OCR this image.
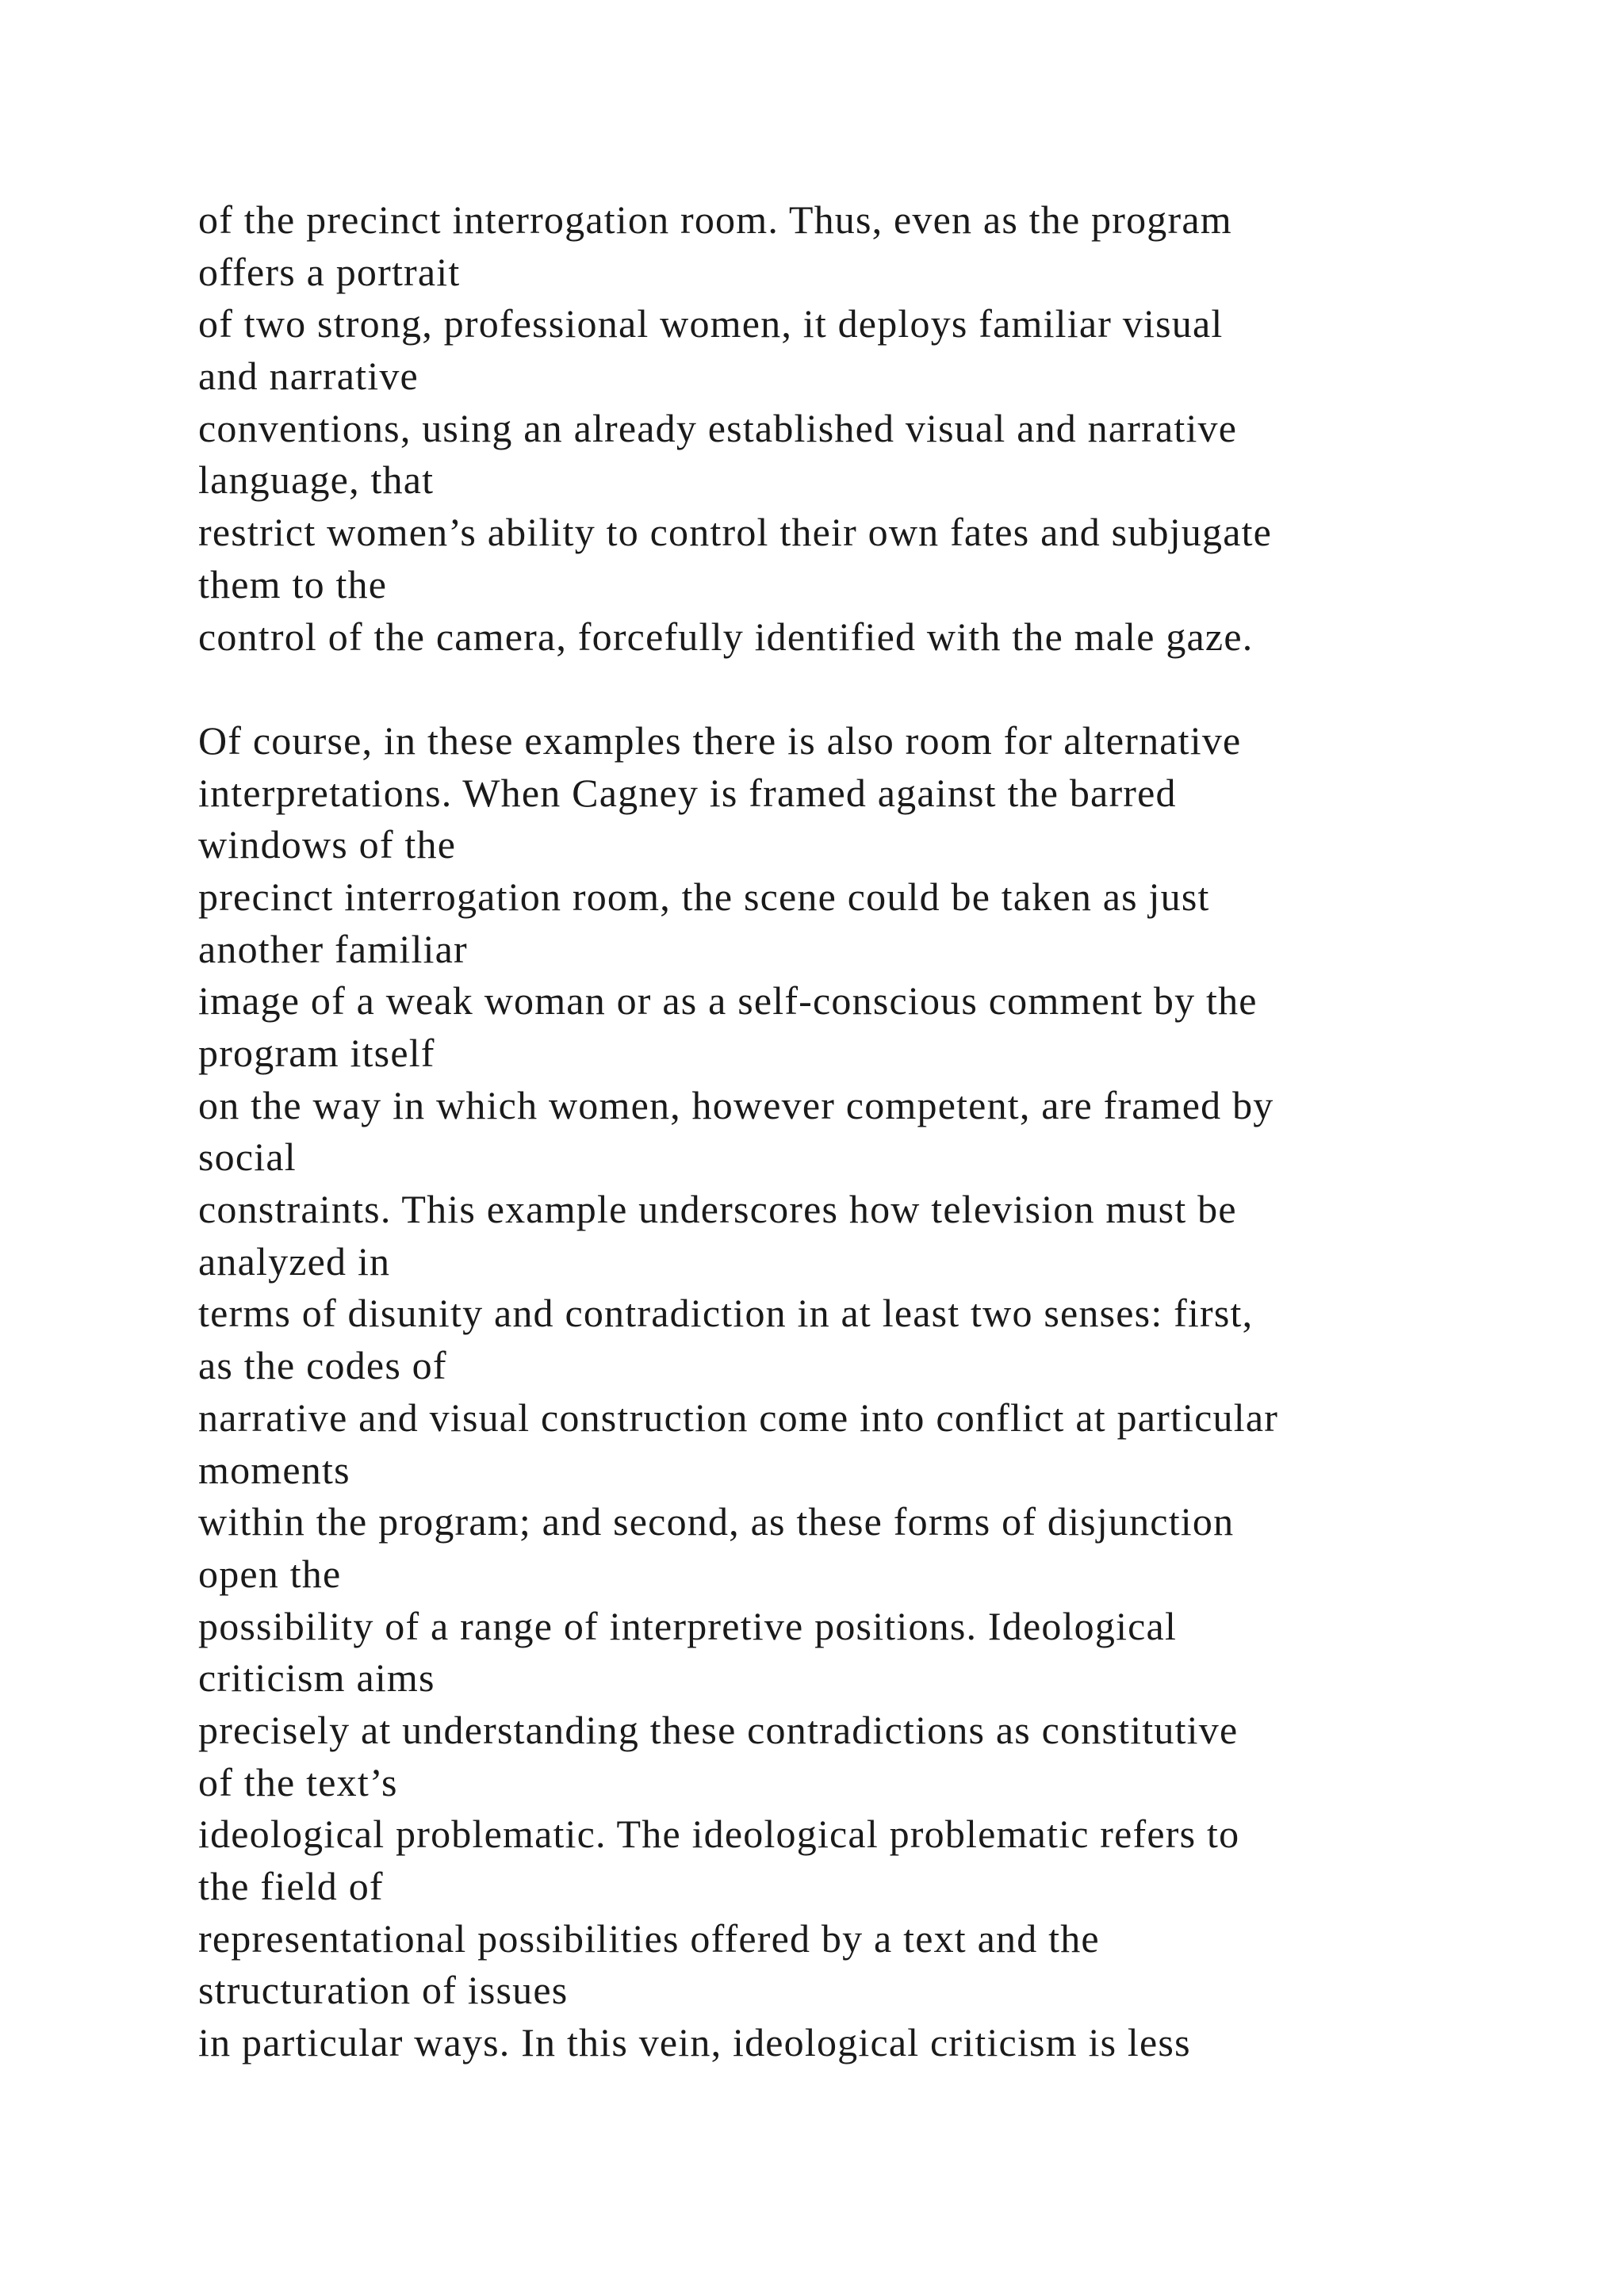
of the precinct interrogation room. Thus, even as the program
offers a portrait
of two strong, professional women, it deploys familiar visual
and narrative
conventions, using an already established visual and narrative
language, that
restrict women’s ability to control their own fates and subjugate
them to the
control of the camera, forcefully identified with the male gaze.
Of course, in these examples there is also room for alternative
interpretations. When Cagney is framed against the barred
windows of the
precinct interrogation room, the scene could be taken as just
another familiar
image of a weak woman or as a self-conscious comment by the
program itself
on the way in which women, however competent, are framed by
social
constraints. This example underscores how television must be
analyzed in
terms of disunity and contradiction in at least two senses: first,
as the codes of
narrative and visual construction come into conflict at particular
moments
within the program; and second, as these forms of disjunction
open the
possibility of a range of interpretive positions. Ideological
criticism aims
precisely at understanding these contradictions as constitutive
of the text’s
ideological problematic. The ideological problematic refers to
the field of
representational possibilities offered by a text and the
structuration of issues
in particular ways. In this vein, ideological criticism is less
